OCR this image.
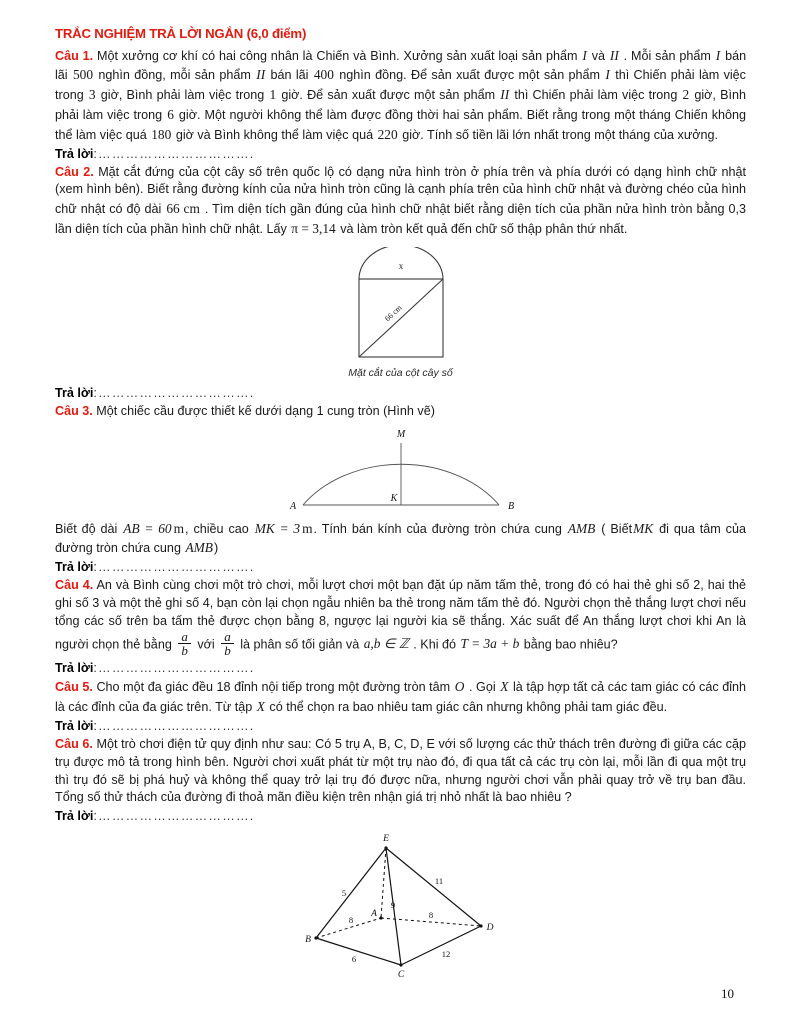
TRẮC NGHIỆM TRẢ LỜI NGẮN (6,0 điểm)

Câu 1. Một xưởng cơ khí có hai công nhân là Chiến và Bình. Xưởng sản xuất loại sản phẩm I và II . Mỗi sản phẩm I bán lãi 500 nghìn đồng, mỗi sản phẩm II bán lãi 400 nghìn đồng. Để sản xuất được một sản phẩm I thì Chiến phải làm việc trong 3 giờ, Bình phải làm việc trong 1 giờ. Để sản xuất được một sản phẩm II thì Chiến phải làm việc trong 2 giờ, Bình phải làm việc trong 6 giờ. Một người không thể làm được đồng thời hai sản phẩm. Biết rằng trong một tháng Chiến không thể làm việc quá 180 giờ và Bình không thể làm việc quá 220 giờ. Tính số tiền lãi lớn nhất trong một tháng của xưởng.

Trả lời:…………………………….

Câu 2. Mặt cắt đứng của cột cây số trên quốc lộ có dạng nửa hình tròn ở phía trên và phía dưới có dạng hình chữ nhật (xem hình bên). Biết rằng đường kính của nửa hình tròn cũng là cạnh phía trên của hình chữ nhật và đường chéo của hình chữ nhật có độ dài 66 cm . Tìm diện tích gần đúng của hình chữ nhật biết rằng diện tích của phần nửa hình tròn bằng 0,3 lần diện tích của phần hình chữ nhật. Lấy π = 3,14 và làm tròn kết quả đến chữ số thập phân thứ nhất.

x
66 cm
Mặt cắt của cột cây số

Trả lời:…………………………….

Câu 3. Một chiếc cầu được thiết kế dưới dạng 1 cung tròn (Hình vẽ)

A	B
M
K

Biết độ dài AB = 60 m, chiều cao MK = 3 m. Tính bán kính của đường tròn chứa cung AMB ( BiếtMK đi qua tâm của đường tròn chứa cung AMB)

Trả lời:…………………………….

Câu 4. An và Bình cùng chơi một trò chơi, mỗi lượt chơi một bạn đặt úp năm tấm thẻ, trong đó có hai thẻ ghi số 2, hai thẻ ghi số 3 và một thẻ ghi số 4, bạn còn lại chọn ngẫu nhiên ba thẻ trong năm tấm thẻ đó. Người chọn thẻ thắng lượt chơi nếu tổng các số trên ba tấm thẻ được chọn bằng 8, ngược lại người kia sẽ thắng. Xác suất để An thắng lượt chơi khi An là người chọn thẻ bằng $\frac{a}{b}$ với $\frac{a}{b}$ là phân số tối giản và a,b ∈ ℤ . Khi đó T = 3a + b bằng bao nhiêu?

Trả lời:…………………………….

Câu 5. Cho một đa giác đều 18 đỉnh nội tiếp trong một đường tròn tâm O . Gọi X là tập hợp tất cả các tam giác có các đỉnh là các đỉnh của đa giác trên. Từ tập X có thể chọn ra bao nhiêu tam giác cân nhưng không phải tam giác đều.

Trả lời:…………………………….

Câu 6. Một trò chơi điện tử quy định như sau: Có 5 trụ A, B, C, D, E với số lượng các thử thách trên đường đi giữa các cặp trụ được mô tả trong hình bên. Người chơi xuất phát từ một trụ nào đó, đi qua tất cả các trụ còn lại, mỗi lần đi qua một trụ thì trụ đó sẽ bị phá huỷ và không thể quay trở lại trụ đó được nữa, nhưng người chơi vẫn phải quay trở về trụ ban đầu. Tổng số thử thách của đường đi thoả mãn điều kiện trên nhận giá trị nhỏ nhất là bao nhiêu ?

Trả lời:…………………………….

E
A
B
C
D
5
11
9
8	8
6	12
10
